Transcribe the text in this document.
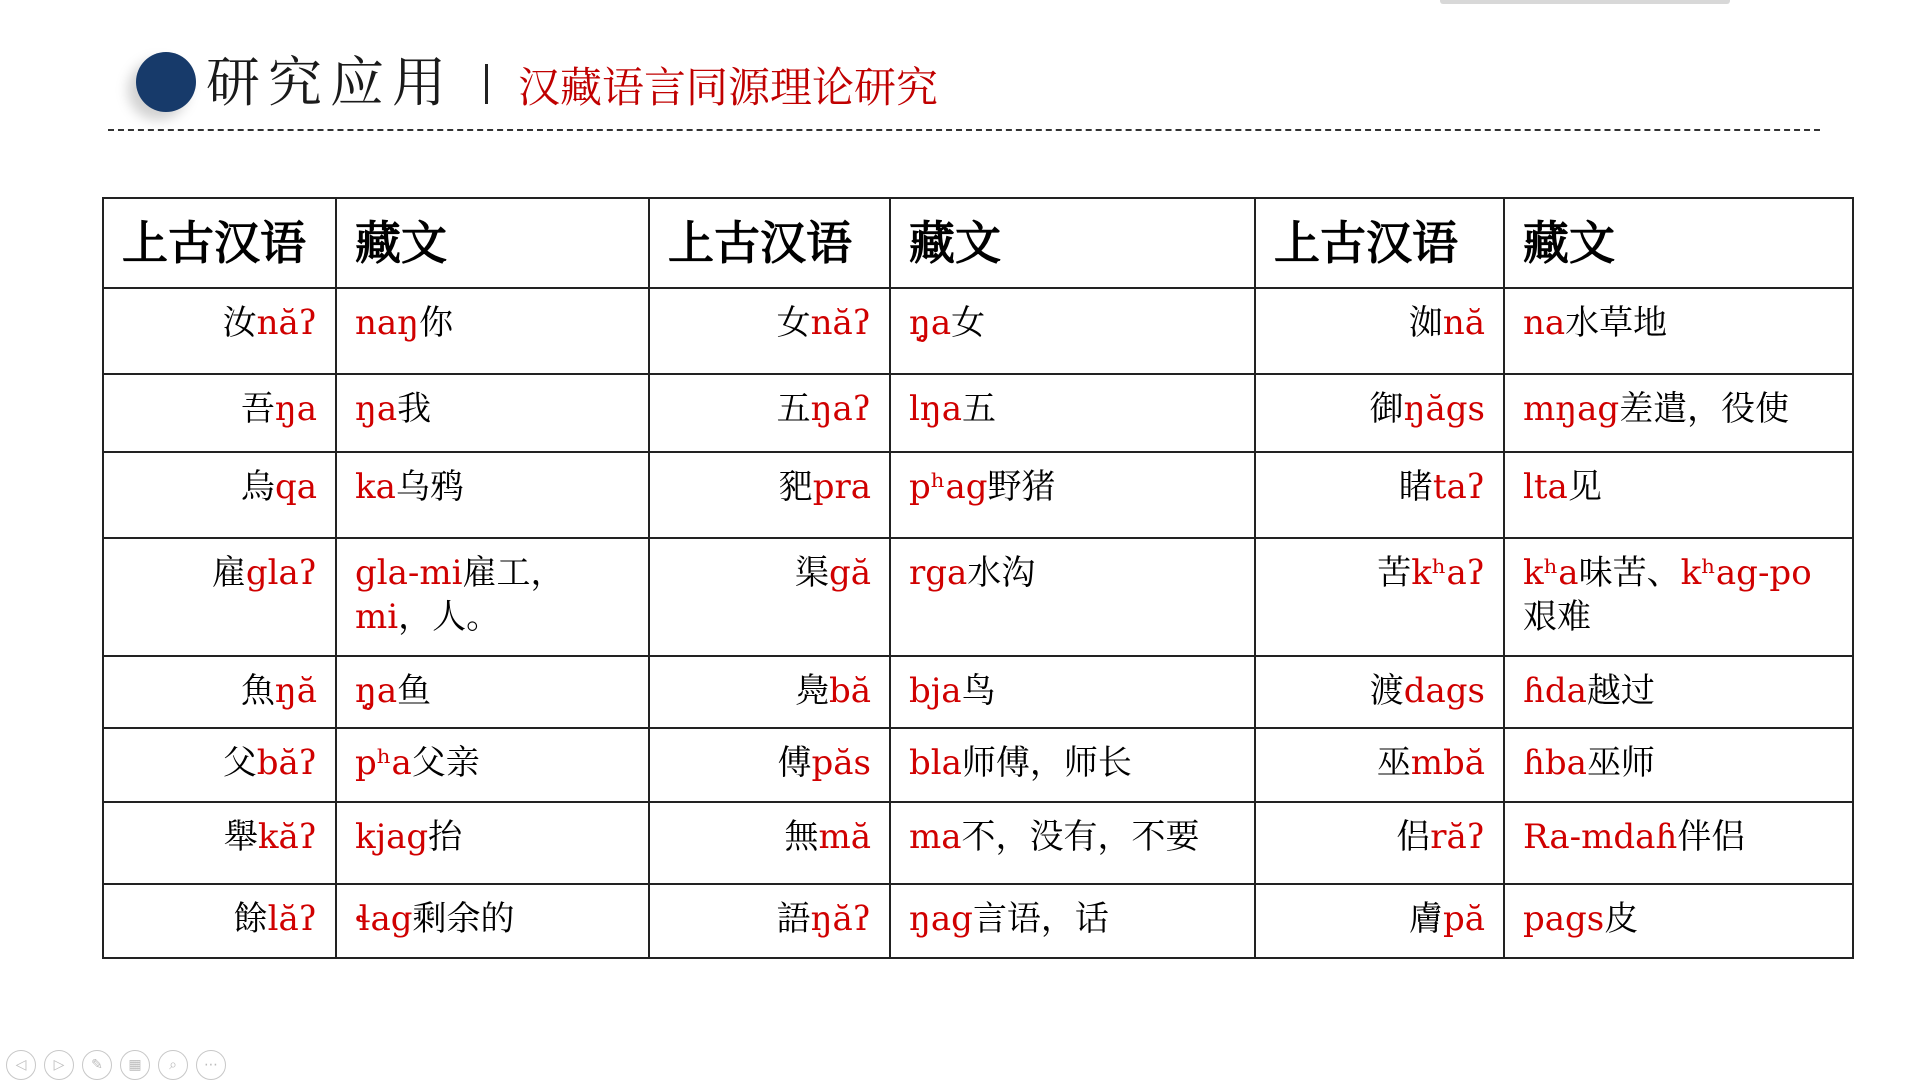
研究应用 汉藏语言同源理论研究
上古汉语	藏文	上古汉语	藏文	上古汉语	藏文
汝năʔ	naŋ你	女năʔ	ŋ̥a女	洳nă	na水草地
吾ŋa	ŋa我	五ŋaʔ	lŋa五	御ŋăgs	mŋag差遣，役使
烏qa	ka乌鸦	豝pra	pʰag野猪	睹taʔ	lta见
雇glaʔ	gla-mi雇工，mi，人。	渠gă	rga水沟	苦kʰaʔ	kʰa味苦、kʰag-po艰难
魚ŋă	ŋ̥a鱼	鳧bă	bja鸟	渡dags	ɦda越过
父băʔ	pʰa父亲	傅păs	bla师傅，师长	巫mbă	ɦba巫师
舉kăʔ	kjag抬	無mă	ma不，没有，不要	侣răʔ	Ra-mdaɦ伴侣
餘lăʔ	ɬag剩余的	語ŋăʔ	ŋag言语，话	膚pă	pags皮
◁	▷	✎	▦	⌕	⋯
